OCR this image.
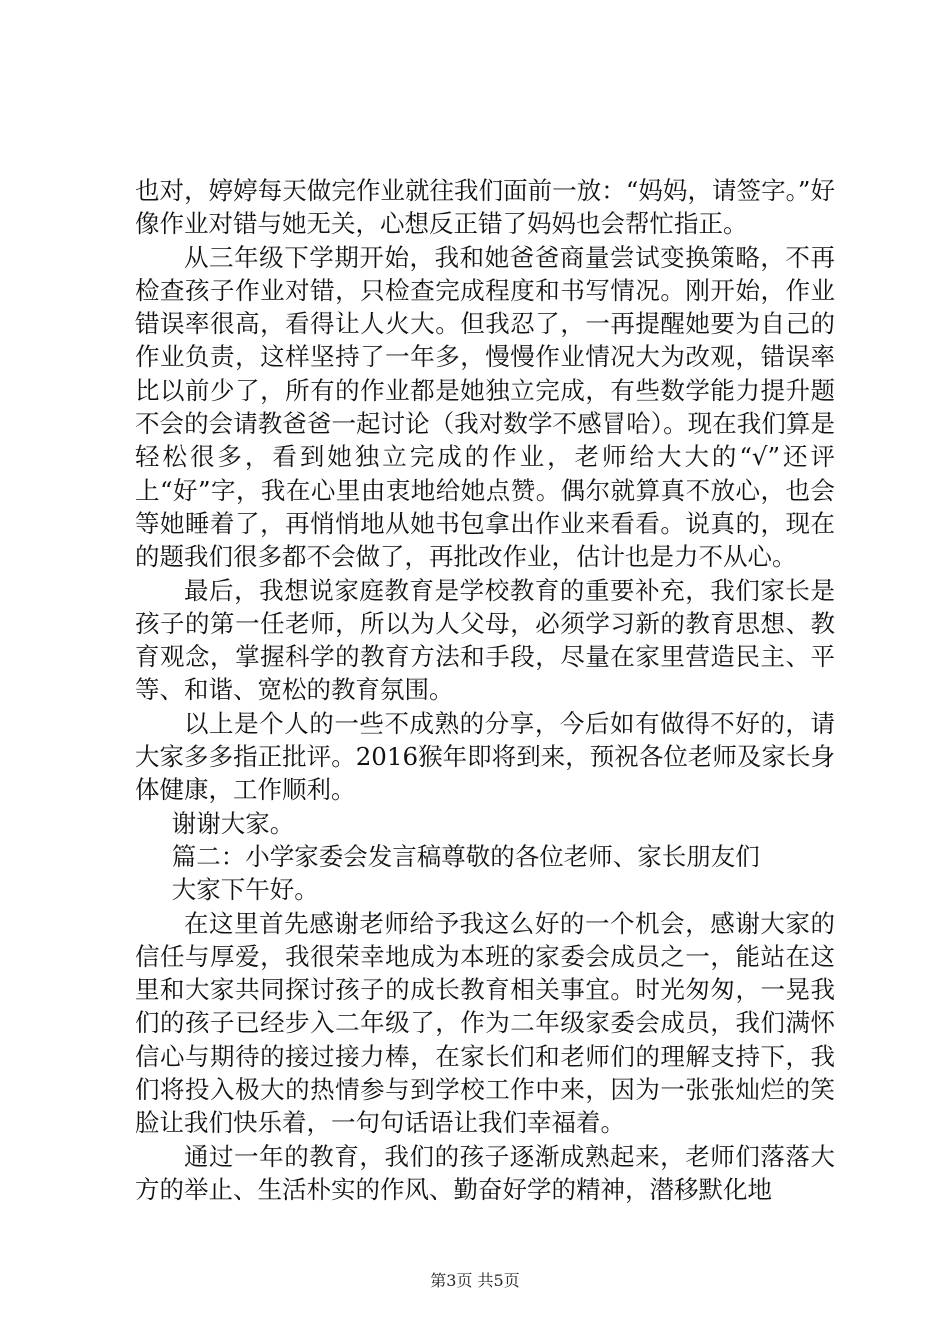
也对，婷婷每天做完作业就往我们面前一放：“妈妈，请签字。”好像作业对错与她无关，心想反正错了妈妈也会帮忙指正。

从三年级下学期开始，我和她爸爸商量尝试变换策略，不再检查孩子作业对错，只检查完成程度和书写情况。刚开始，作业错误率很高，看得让人火大。但我忍了，一再提醒她要为自己的作业负责，这样坚持了一年多，慢慢作业情况大为改观，错误率比以前少了，所有的作业都是她独立完成，有些数学能力提升题不会的会请教爸爸一起讨论（我对数学不感冒哈）。现在我们算是轻松很多，看到她独立完成的作业，老师给大大的“√”还评上“好”字，我在心里由衷地给她点赞。偶尔就算真不放心，也会等她睡着了，再悄悄地从她书包拿出作业来看看。说真的，现在的题我们很多都不会做了，再批改作业，估计也是力不从心。

最后，我想说家庭教育是学校教育的重要补充，我们家长是孩子的第一任老师，所以为人父母，必须学习新的教育思想、教育观念，掌握科学的教育方法和手段，尽量在家里营造民主、平等、和谐、宽松的教育氛围。

以上是个人的一些不成熟的分享，今后如有做得不好的，请大家多多指正批评。2016猴年即将到来，预祝各位老师及家长身体健康，工作顺利。

谢谢大家。

篇二：小学家委会发言稿尊敬的各位老师、家长朋友们

大家下午好。

在这里首先感谢老师给予我这么好的一个机会，感谢大家的信任与厚爱，我很荣幸地成为本班的家委会成员之一，能站在这里和大家共同探讨孩子的成长教育相关事宜。时光匆匆，一晃我们的孩子已经步入二年级了，作为二年级家委会成员，我们满怀信心与期待的接过接力棒，在家长们和老师们的理解支持下，我们将投入极大的热情参与到学校工作中来，因为一张张灿烂的笑脸让我们快乐着，一句句话语让我们幸福着。

通过一年的教育，我们的孩子逐渐成熟起来，老师们落落大方的举止、生活朴实的作风、勤奋好学的精神，潜移默化地

第3页 共5页
